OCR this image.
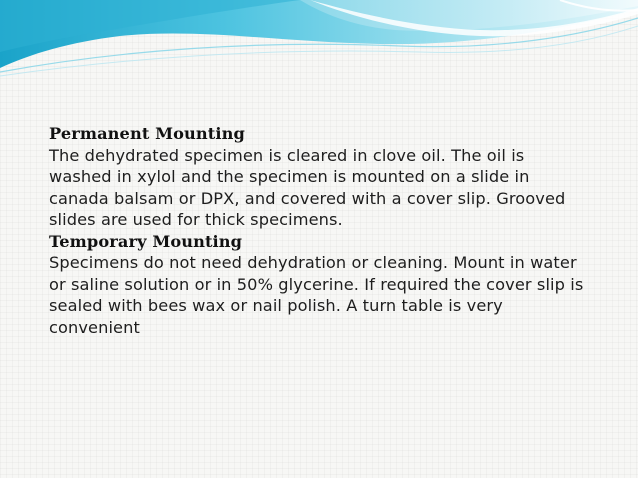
Permanent Mounting
The dehydrated specimen is cleared in clove oil. The oil is washed in xylol and the specimen is mounted on a slide in canada balsam or DPX, and covered with a cover slip. Grooved slides are used for thick specimens.
Temporary Mounting
Specimens do not need dehydration or cleaning. Mount in water or saline solution or in 50% glycerine. If required the cover slip is sealed with bees wax or nail polish. A turn table is very convenient
